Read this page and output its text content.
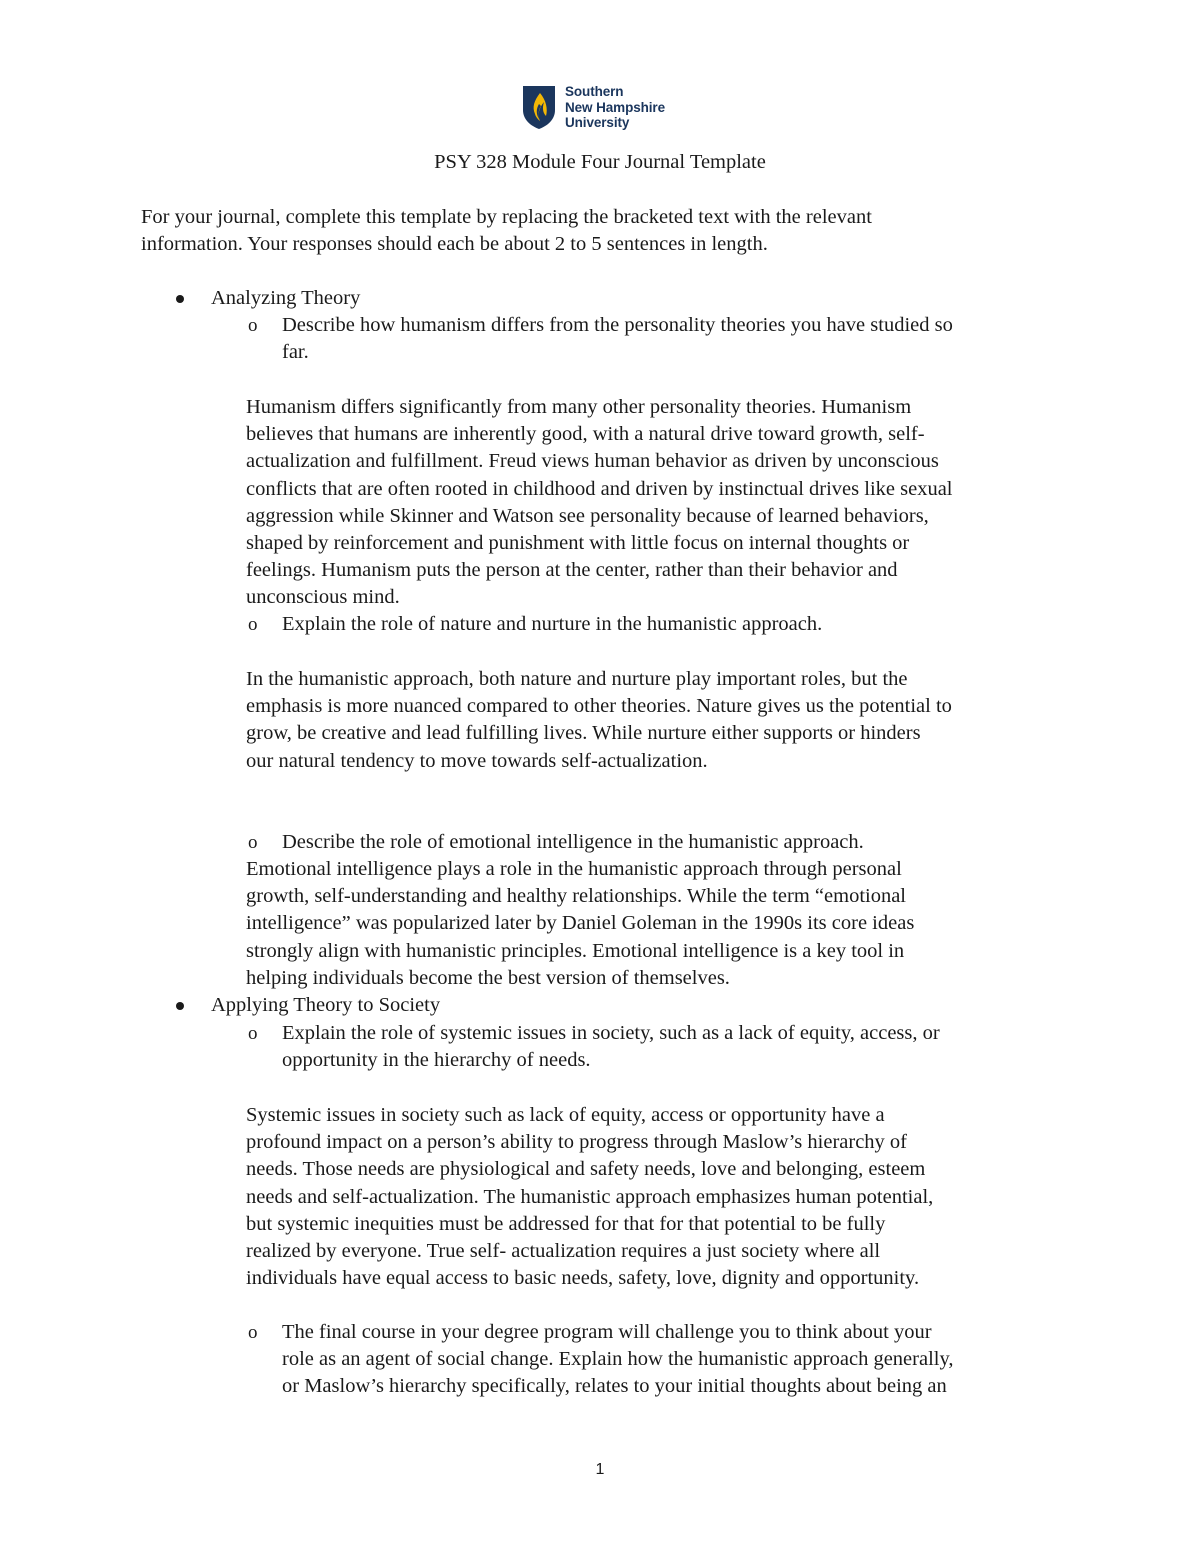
Southern
New Hampshire
University
PSY 328 Module Four Journal Template

For your journal, complete this template by replacing the bracketed text with the relevant
information. Your responses should each be about 2 to 5 sentences in length.

Analyzing Theory

o Describe how humanism differs from the personality theories you have studied so
far.

Humanism differs significantly from many other personality theories. Humanism
believes that humans are inherently good, with a natural drive toward growth, self-
actualization and fulfillment. Freud views human behavior as driven by unconscious
conflicts that are often rooted in childhood and driven by instinctual drives like sexual
aggression while Skinner and Watson see personality because of learned behaviors,
shaped by reinforcement and punishment with little focus on internal thoughts or
feelings. Humanism puts the person at the center, rather than their behavior and
unconscious mind.

o Explain the role of nature and nurture in the humanistic approach.

In the humanistic approach, both nature and nurture play important roles, but the
emphasis is more nuanced compared to other theories. Nature gives us the potential to
grow, be creative and lead fulfilling lives. While nurture either supports or hinders
our natural tendency to move towards self-actualization.

o Describe the role of emotional intelligence in the humanistic approach.

Emotional intelligence plays a role in the humanistic approach through personal
growth, self-understanding and healthy relationships. While the term “emotional
intelligence” was popularized later by Daniel Goleman in the 1990s its core ideas
strongly align with humanistic principles. Emotional intelligence is a key tool in
helping individuals become the best version of themselves.

Applying Theory to Society

o Explain the role of systemic issues in society, such as a lack of equity, access, or
opportunity in the hierarchy of needs.

Systemic issues in society such as lack of equity, access or opportunity have a
profound impact on a person’s ability to progress through Maslow’s hierarchy of
needs. Those needs are physiological and safety needs, love and belonging, esteem
needs and self-actualization. The humanistic approach emphasizes human potential,
but systemic inequities must be addressed for that for that potential to be fully
realized by everyone. True self- actualization requires a just society where all
individuals have equal access to basic needs, safety, love, dignity and opportunity.

o The final course in your degree program will challenge you to think about your
role as an agent of social change. Explain how the humanistic approach generally,
or Maslow’s hierarchy specifically, relates to your initial thoughts about being an

1
